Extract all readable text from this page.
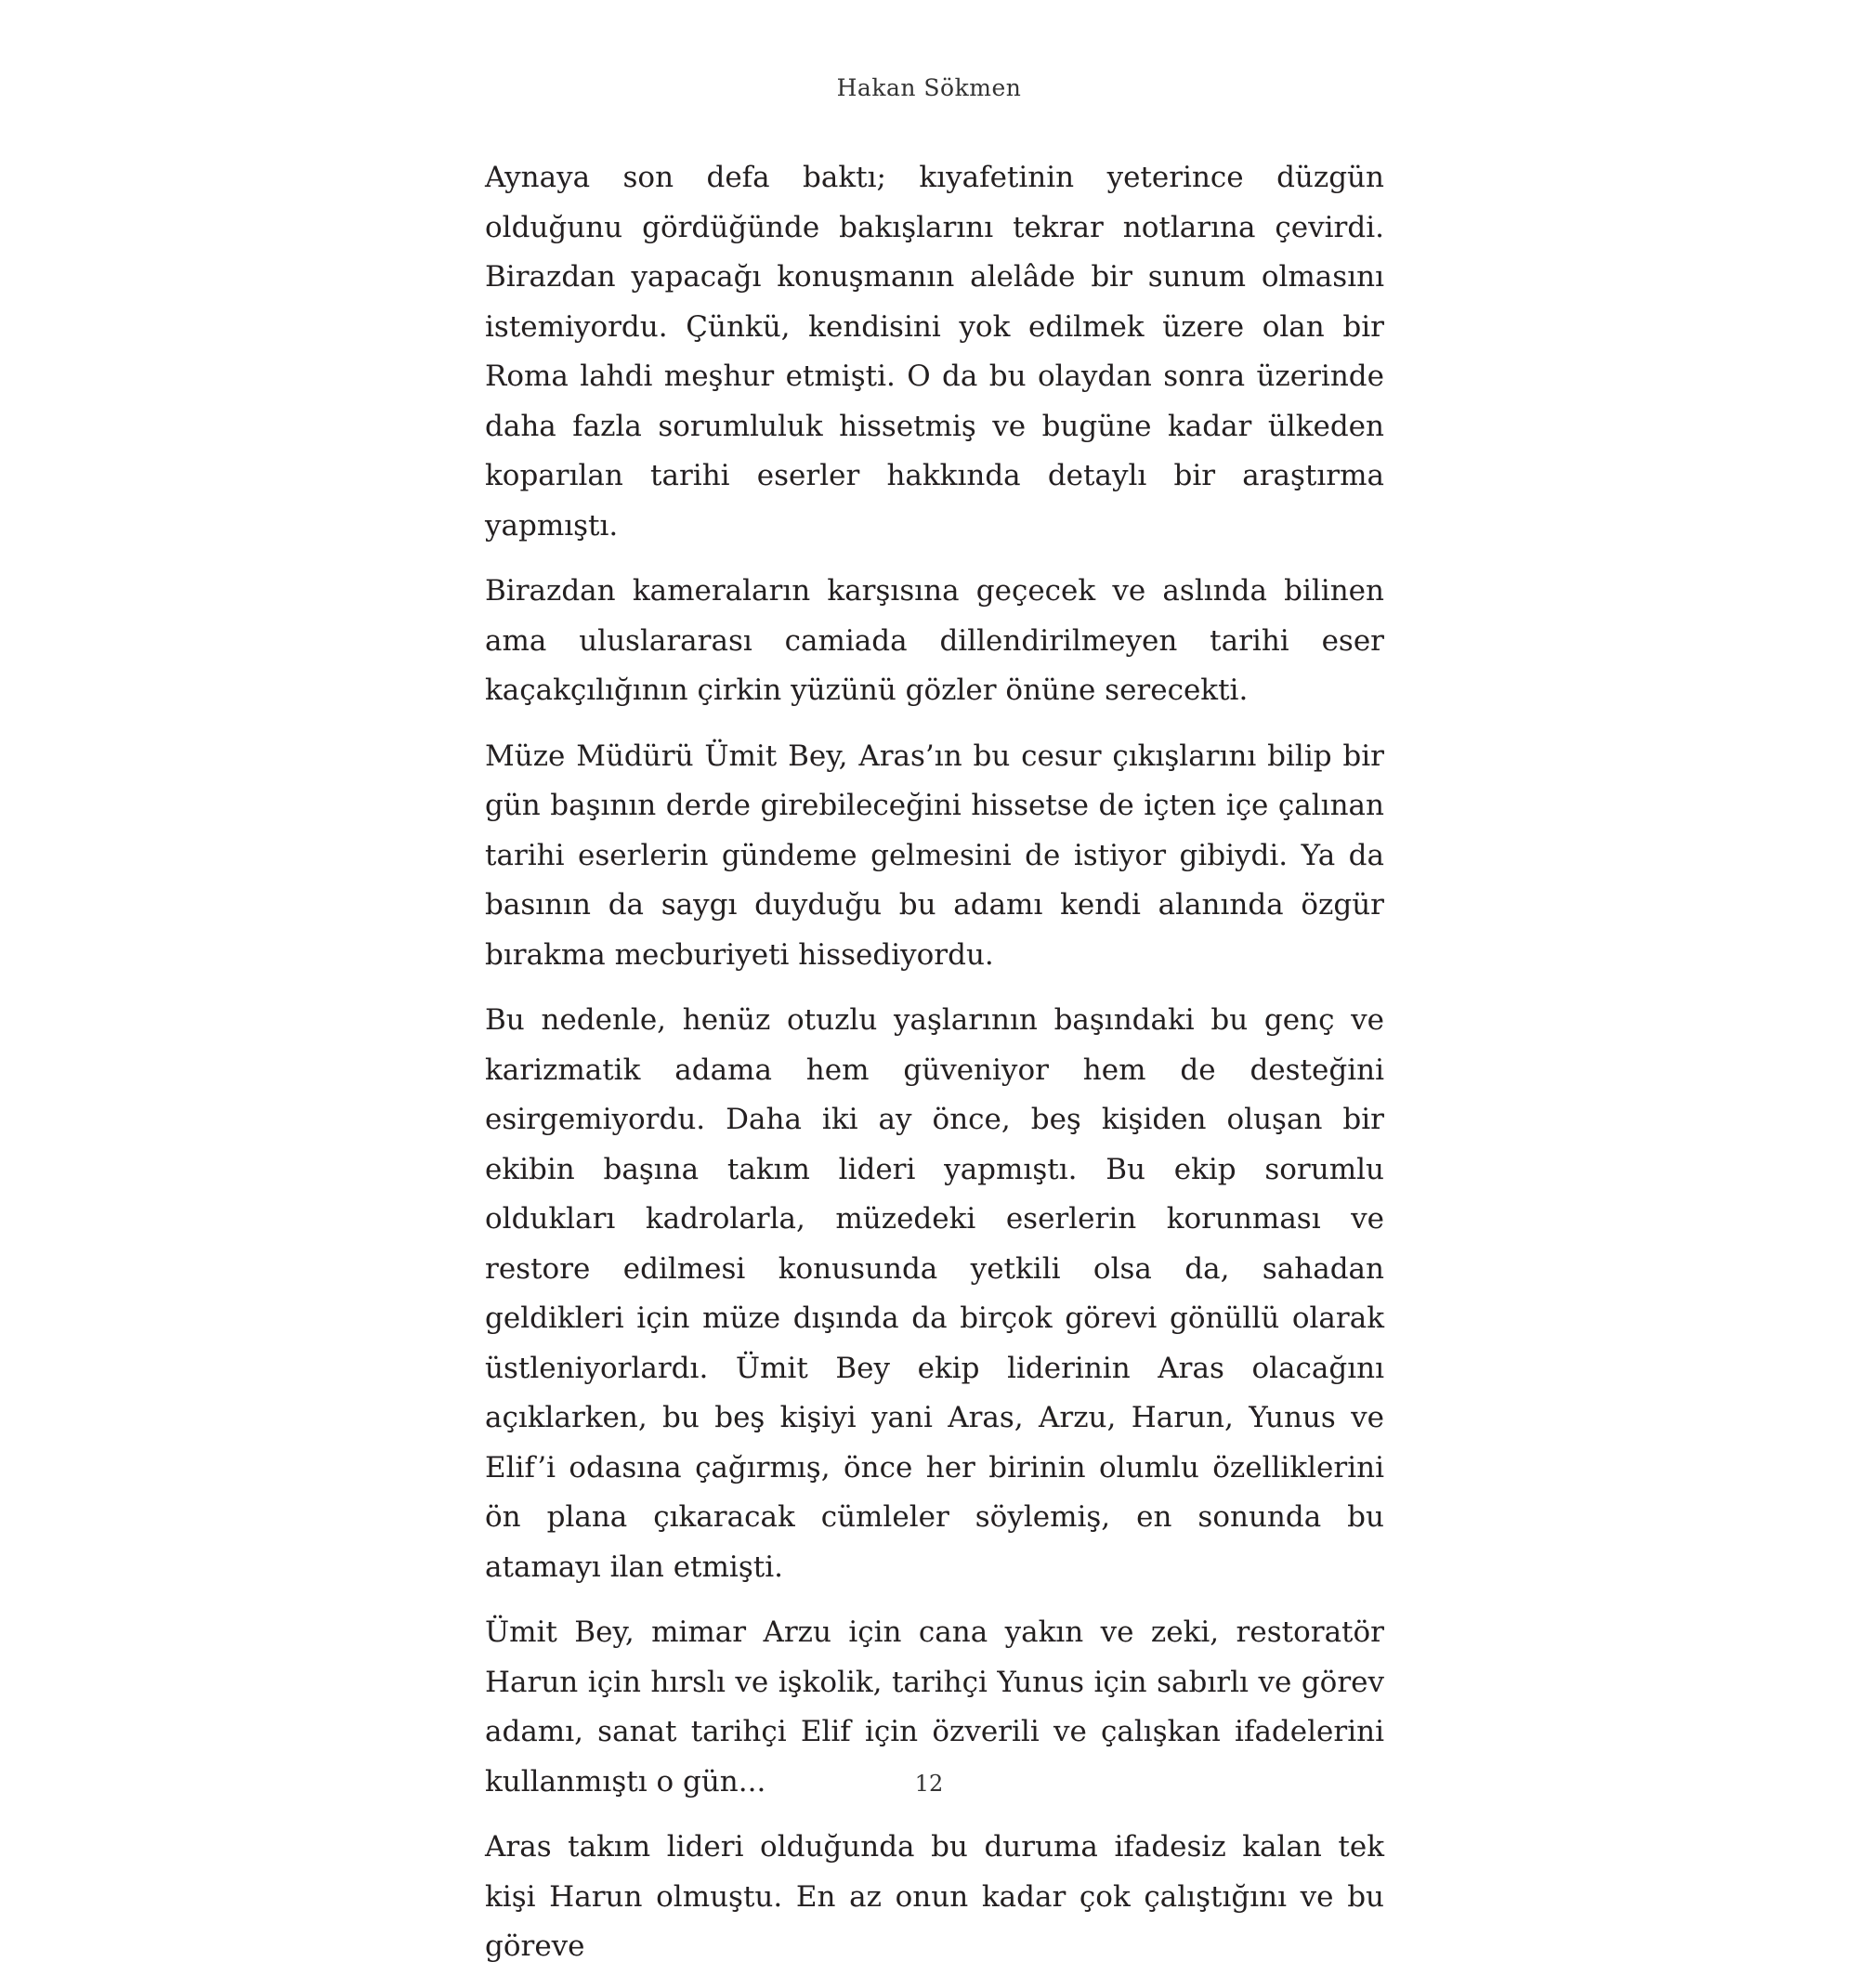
Hakan Sökmen

Aynaya son defa baktı; kıyafetinin yeterince düzgün olduğunu gördüğünde bakışlarını tekrar notlarına çevirdi. Birazdan yapacağı konuşmanın alelâde bir sunum olmasını istemiyordu. Çünkü, kendisini yok edilmek üzere olan bir Roma lahdi meşhur etmişti. O da bu olaydan sonra üzerinde daha fazla sorumluluk hissetmiş ve bugüne kadar ülkeden koparılan tarihi eserler hakkında detaylı bir araştırma yapmıştı.

Birazdan kameraların karşısına geçecek ve aslında bilinen ama uluslararası camiada dillendirilmeyen tarihi eser kaçakçılığının çirkin yüzünü gözler önüne serecekti.

Müze Müdürü Ümit Bey, Aras’ın bu cesur çıkışlarını bilip bir gün başının derde girebileceğini hissetse de içten içe çalınan tarihi eserlerin gündeme gelmesini de istiyor gibiydi. Ya da basının da saygı duyduğu bu adamı kendi alanında özgür bırakma mecburiyeti hissediyordu.

Bu nedenle, henüz otuzlu yaşlarının başındaki bu genç ve karizmatik adama hem güveniyor hem de desteğini esirgemiyordu. Daha iki ay önce, beş kişiden oluşan bir ekibin başına takım lideri yapmıştı. Bu ekip sorumlu oldukları kadrolarla, müzedeki eserlerin korunması ve restore edilmesi konusunda yetkili olsa da, sahadan geldikleri için müze dışında da birçok görevi gönüllü olarak üstleniyorlardı. Ümit Bey ekip liderinin Aras olacağını açıklarken, bu beş kişiyi yani Aras, Arzu, Harun, Yunus ve Elif’i odasına çağırmış, önce her birinin olumlu özelliklerini ön plana çıkaracak cümleler söylemiş, en sonunda bu atamayı ilan etmişti.

Ümit Bey, mimar Arzu için cana yakın ve zeki, restoratör Harun için hırslı ve işkolik, tarihçi Yunus için sabırlı ve görev adamı, sanat tarihçi Elif için özverili ve çalışkan ifadelerini kullanmıştı o gün...

Aras takım lideri olduğunda bu duruma ifadesiz kalan tek kişi Harun olmuştu. En az onun kadar çok çalıştığını ve bu göreve

12
